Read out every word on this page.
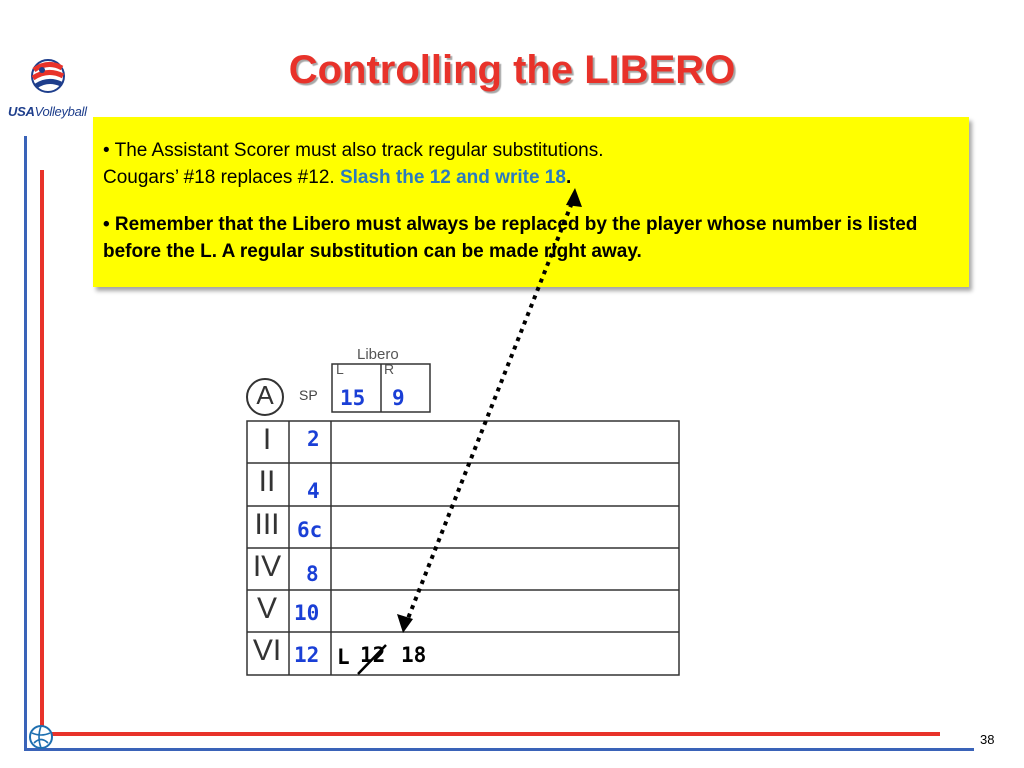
USAVolleyball
Controlling the LIBERO
• The Assistant Scorer must also track regular substitutions.
Cougars’ #18 replaces #12. Slash the 12 and write 18.
• Remember that the Libero must always be replaced by the player whose number is listed before the L. A regular substitution can be made right away.
A	SP
Libero
L	R
15 9
I
II
III
IV
V
VI
2
4
6c
8
10
12 L 12 18
38
